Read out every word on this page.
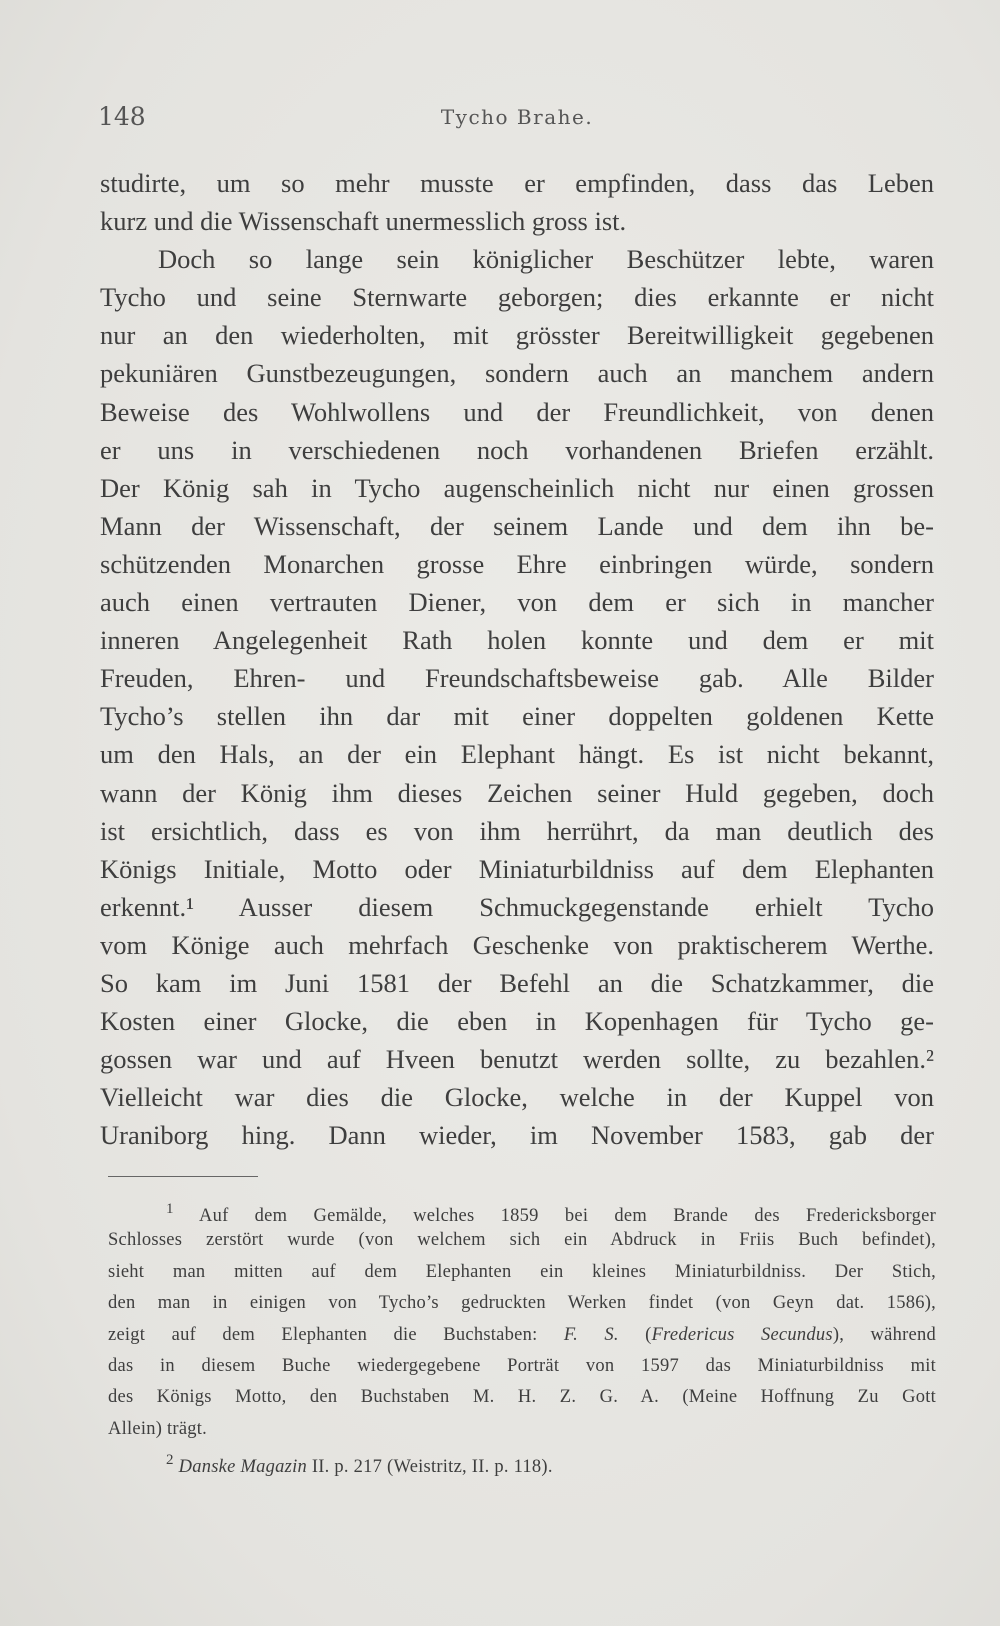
148	Tycho Brahe.
studirte, um so mehr musste er empfinden, dass das Leben
kurz und die Wissenschaft unermesslich gross ist.
Doch so lange sein königlicher Beschützer lebte, waren
Tycho und seine Sternwarte geborgen; dies erkannte er nicht
nur an den wiederholten, mit grösster Bereitwilligkeit gegebenen
pekuniären Gunstbezeugungen, sondern auch an manchem andern
Beweise des Wohlwollens und der Freundlichkeit, von denen
er uns in verschiedenen noch vorhandenen Briefen erzählt.
Der König sah in Tycho augenscheinlich nicht nur einen grossen
Mann der Wissenschaft, der seinem Lande und dem ihn be-
schützenden Monarchen grosse Ehre einbringen würde, sondern
auch einen vertrauten Diener, von dem er sich in mancher
inneren Angelegenheit Rath holen konnte und dem er mit
Freuden, Ehren- und Freundschaftsbeweise gab. Alle Bilder
Tycho’s stellen ihn dar mit einer doppelten goldenen Kette
um den Hals, an der ein Elephant hängt. Es ist nicht bekannt,
wann der König ihm dieses Zeichen seiner Huld gegeben, doch
ist ersichtlich, dass es von ihm herrührt, da man deutlich des
Königs Initiale, Motto oder Miniaturbildniss auf dem Elephanten
erkennt.¹ Ausser diesem Schmuckgegenstande erhielt Tycho
vom Könige auch mehrfach Geschenke von praktischerem Werthe.
So kam im Juni 1581 der Befehl an die Schatzkammer, die
Kosten einer Glocke, die eben in Kopenhagen für Tycho ge-
gossen war und auf Hveen benutzt werden sollte, zu bezahlen.²
Vielleicht war dies die Glocke, welche in der Kuppel von
Uraniborg hing. Dann wieder, im November 1583, gab der
$^1$ Auf dem Gemälde, welches 1859 bei dem Brande des Fredericksborger
Schlosses zerstört wurde (von welchem sich ein Abdruck in Friis Buch befindet),
sieht man mitten auf dem Elephanten ein kleines Miniaturbildniss. Der Stich,
den man in einigen von Tycho’s gedruckten Werken findet (von Geyn dat. 1586),
zeigt auf dem Elephanten die Buchstaben: F. S. (Fredericus Secundus), während
das in diesem Buche wiedergegebene Porträt von 1597 das Miniaturbildniss mit
des Königs Motto, den Buchstaben M. H. Z. G. A. (Meine Hoffnung Zu Gott
Allein) trägt.
$^2$ Danske Magazin II. p. 217 (Weistritz, II. p. 118).
